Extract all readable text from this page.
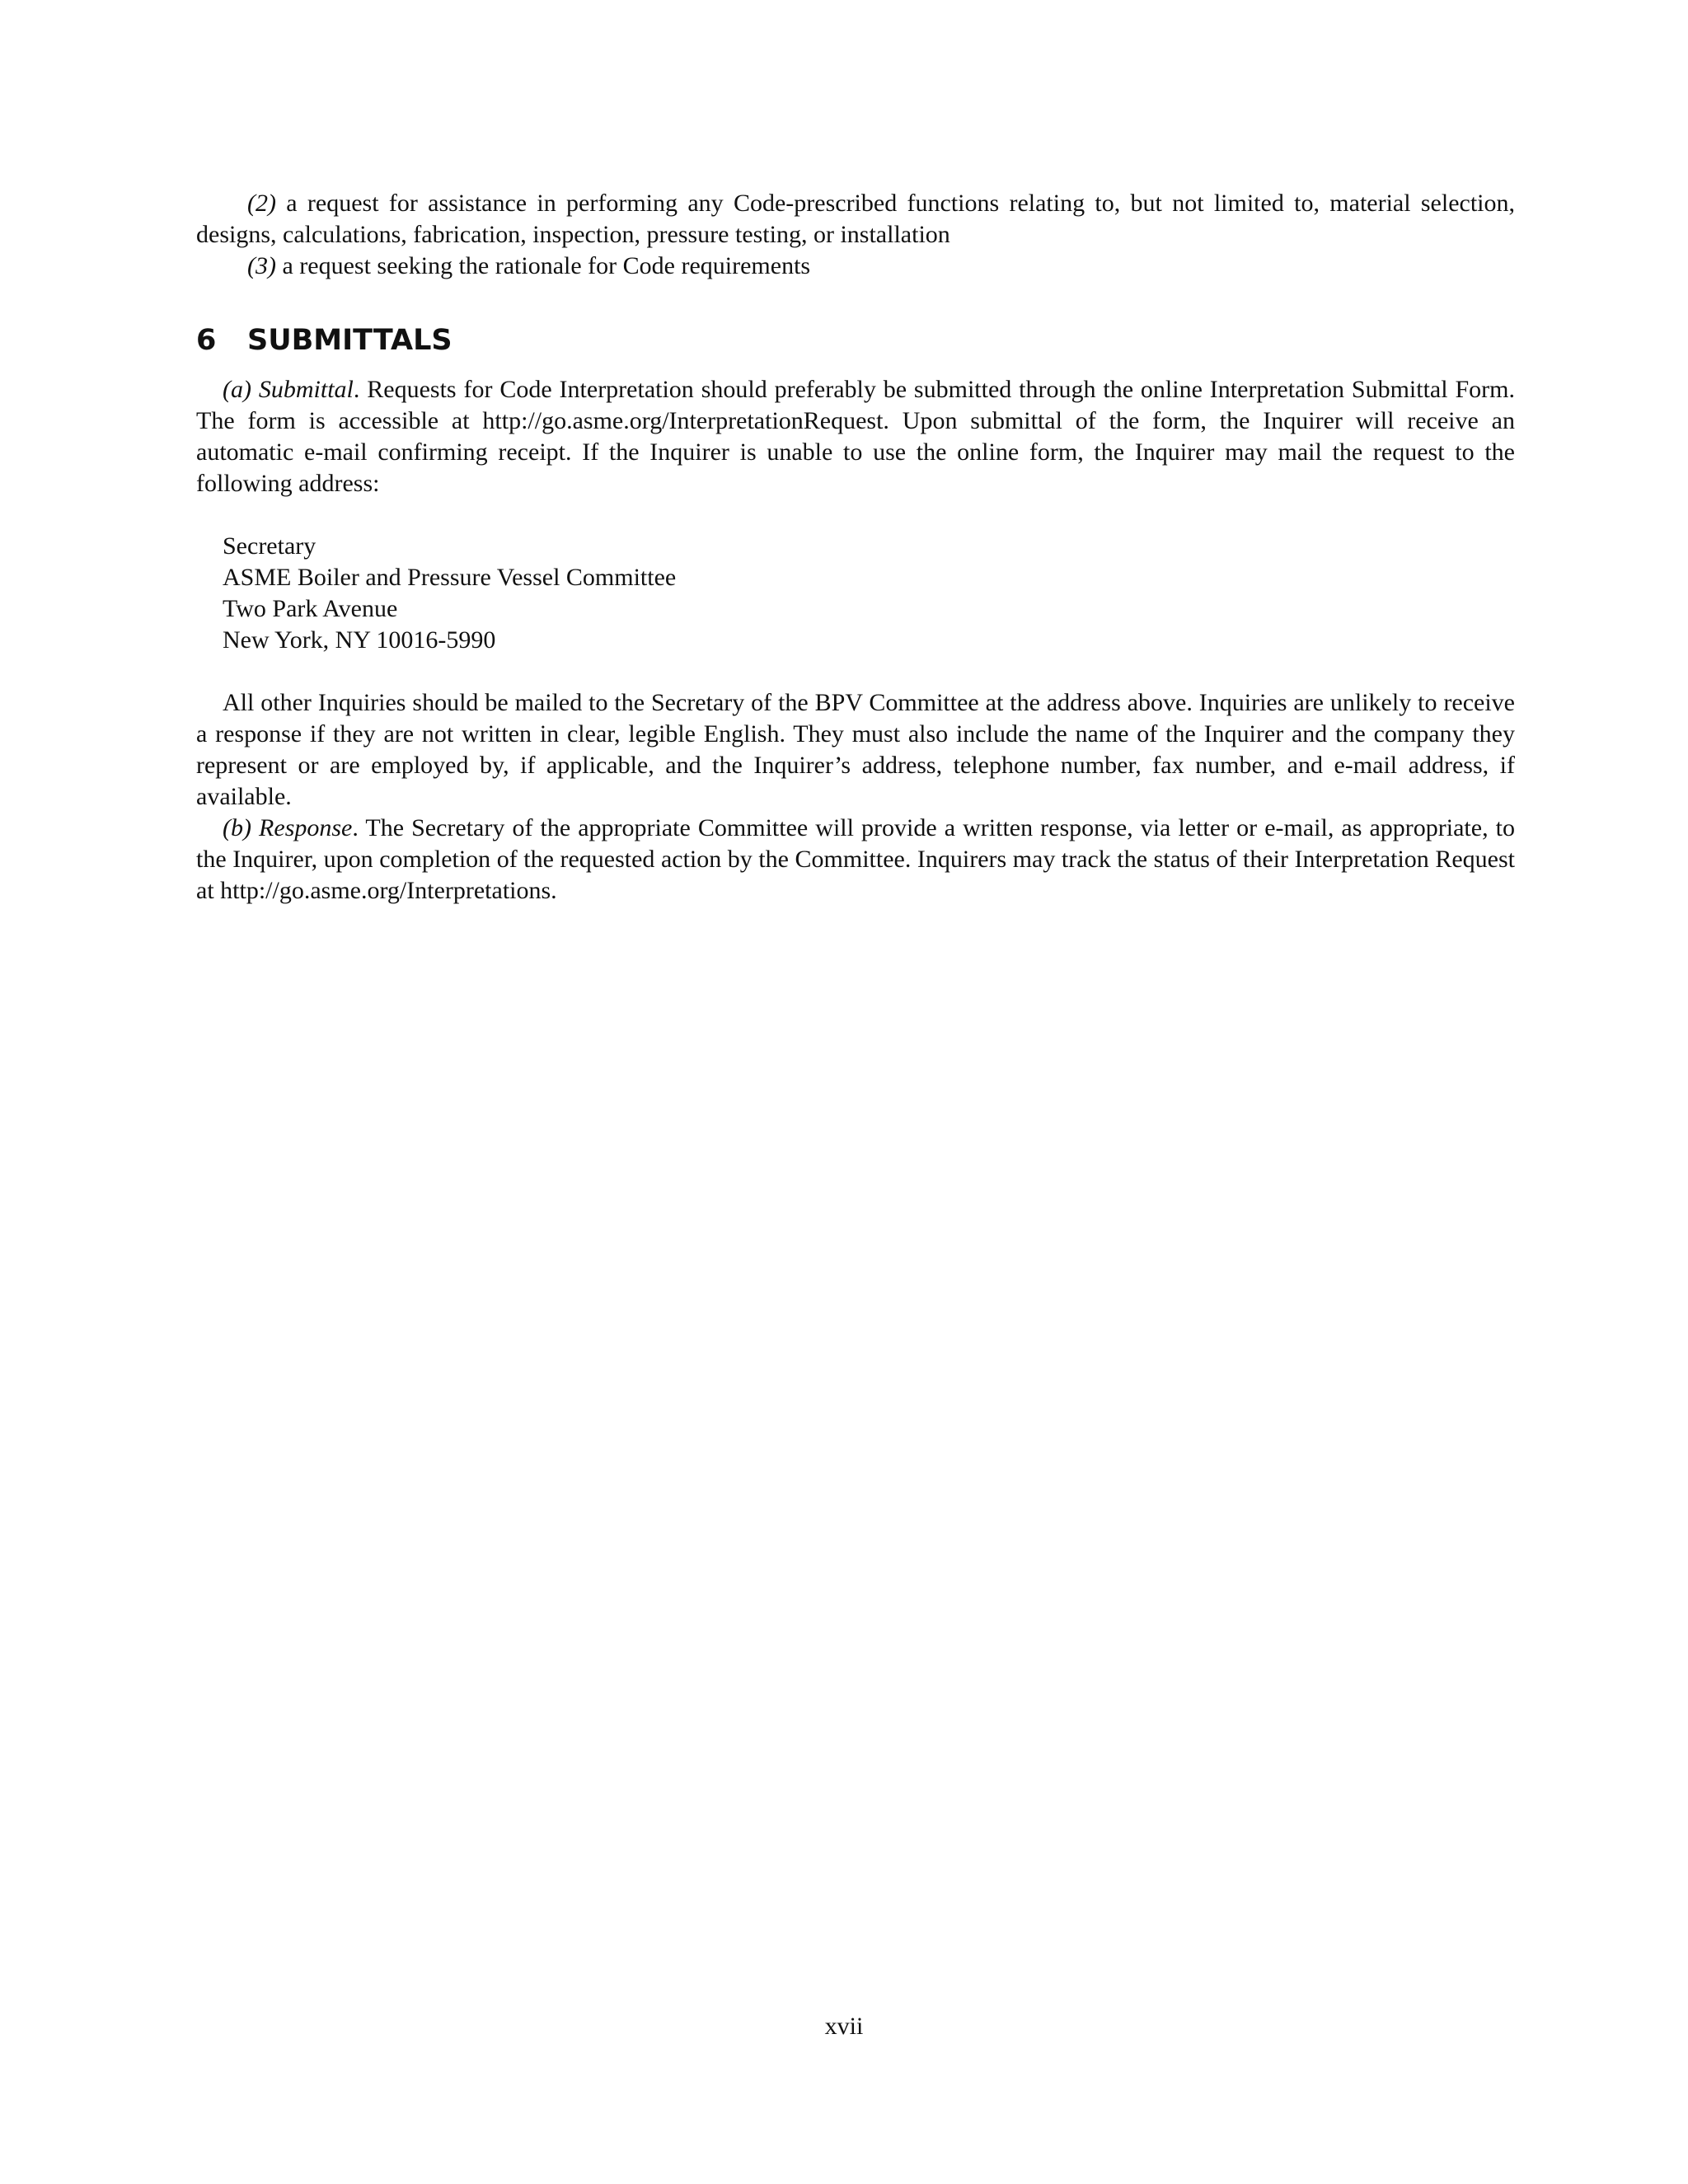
(2) a request for assistance in performing any Code-prescribed functions relating to, but not limited to, material selection, designs, calculations, fabrication, inspection, pressure testing, or installation

(3) a request seeking the rationale for Code requirements

6 SUBMITTALS

(a) Submittal. Requests for Code Interpretation should preferably be submitted through the online Interpretation Submittal Form. The form is accessible at http://go.asme.org/InterpretationRequest. Upon submittal of the form, the Inquirer will receive an automatic e-mail confirming receipt. If the Inquirer is unable to use the online form, the Inquirer may mail the request to the following address:

Secretary
ASME Boiler and Pressure Vessel Committee
Two Park Avenue
New York, NY 10016-5990

All other Inquiries should be mailed to the Secretary of the BPV Committee at the address above. Inquiries are unlikely to receive a response if they are not written in clear, legible English. They must also include the name of the Inquirer and the company they represent or are employed by, if applicable, and the Inquirer’s address, telephone number, fax number, and e-mail address, if available.

(b) Response. The Secretary of the appropriate Committee will provide a written response, via letter or e-mail, as appropriate, to the Inquirer, upon completion of the requested action by the Committee. Inquirers may track the status of their Interpretation Request at http://go.asme.org/Interpretations.

xvii
